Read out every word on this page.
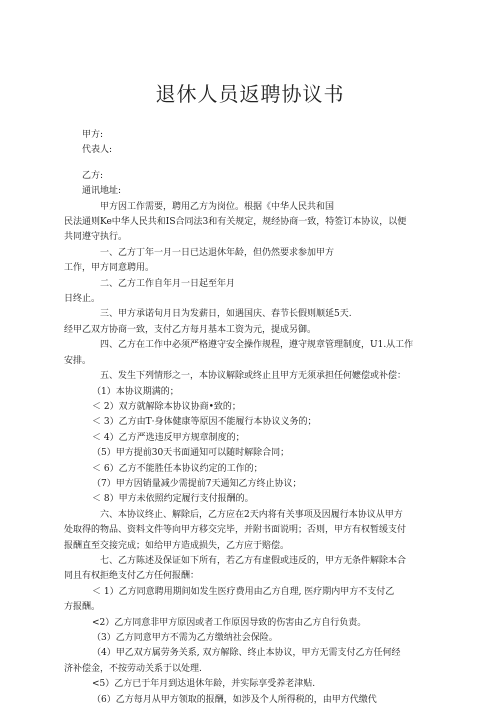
退休人员返聘协议书
甲方:
代表人:
乙方:
通讯地址:
甲方因工作需要，聘用乙方为岗位。根据《中华人民共和国
民法通则Ke中华人民共和IS合同法3和有关规定，规经协商一致，特签订本协议，以便
共同遵守执行。
一、乙方丁年一月一日已达退休年龄，但仍然要求参加甲方
工作，甲方同意聘用。
二、乙方工作自年月一日起至年月
日终止。
三、甲方承诺旬月日为发薪日，如遇国庆、春节长假则顺延5天.
经甲乙双方协商一致，支付乙方每月基本工资为元，提成另御。
四、乙方在工作中必须严格遵守安全操作规程，遵守规章管理制度，U1.从工作
安排。
五、发生下列情形之一，本协议解除或终止且甲方无须承担任何嬷偿或补偿：
（1）本协议期满的；
＜ 2）双方就解除本协议协商•致的；
＜ 3）乙方由T·身体健康等原因不能履行本协议义务的；
＜ 4）乙方严选违反甲方规章制度的；
（5）甲方提前30天书面通知可以随时解除合同；
＜ 6）乙方不能胜任本协议约定的工作的；
（7）甲方因销量减少需提前7天通知乙方终止协议；
＜ 8）甲方未依照约定履行支付报酬的。
六、本协议终止、解除后，乙方应在2天内将有关事项及因履行本协议从甲方
处取得的物品、资料文件等向甲方移交完毕，并附书面说明；否则，甲方有权暂缓支付
报酬直至交接完成；如给甲方造成损失，乙方应于赔偿。
七、乙方陈述及保证如下所有，若乙方有虚假或违反的，甲方无条件解除本合
同且有权拒绝支付乙方任何报酬：
＜ 1）乙方同意聘用期间如发生医疗费用由乙方自理, 医疗期内甲方不支付乙
方报酬。
<2）乙方同意非甲方原因或者工作原因导致的伤害由乙方自行负责。
（3）乙方同意甲方不需为乙方缴纳社会保险。
（4）甲乙双方属劳务关系, 双方解除、终止本协议，甲方无需支付乙方任何经
济补偿金，不按劳动关系于以处理.
<5）乙方已于年月到达退休年龄，并实际享受养老津贴.
（6）乙方每月从甲方领取的报酬，如涉及个人所得税的，由甲方代缴代
